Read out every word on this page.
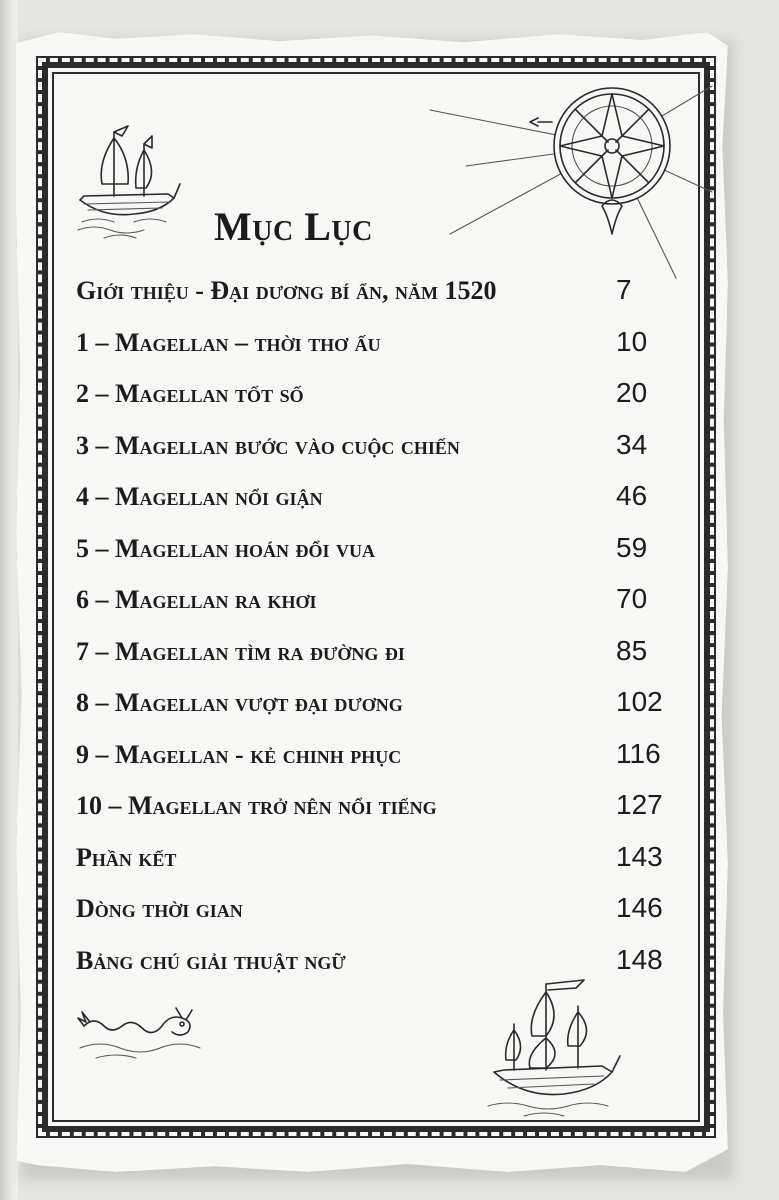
Mục Lục
Giới thiệu - Đại dương bí ẩn, năm 1520	7
1 – Magellan – thời thơ ấu	10
2 – Magellan tốt số	20
3 – Magellan bước vào cuộc chiến	34
4 – Magellan nổi giận	46
5 – Magellan hoán đổi vua	59
6 – Magellan ra khơi	70
7 – Magellan tìm ra đường đi	85
8 – Magellan vượt đại dương	102
9 – Magellan - kẻ chinh phục	116
10 – Magellan trở nên nổi tiếng	127
Phần kết	143
Dòng thời gian	146
Bảng chú giải thuật ngữ	148
